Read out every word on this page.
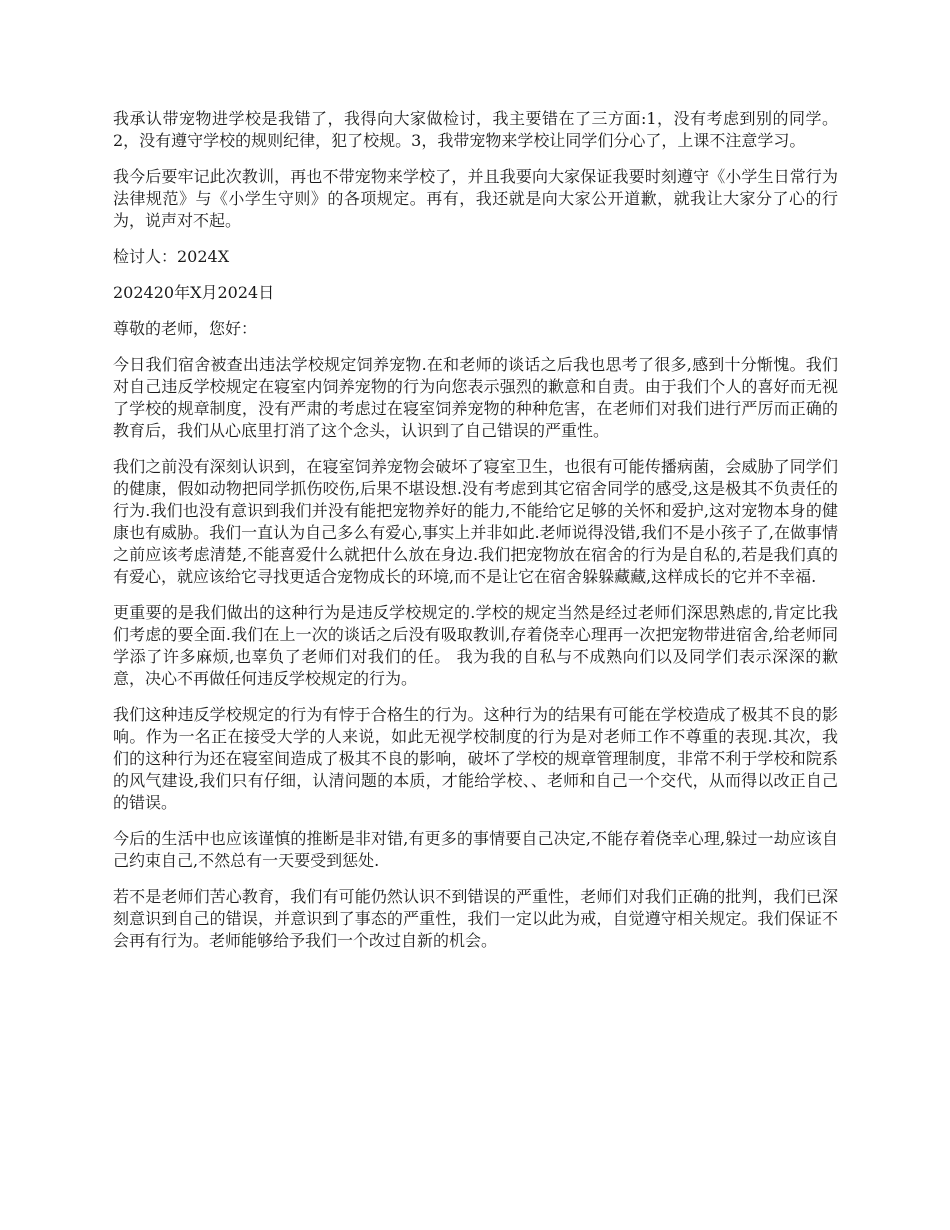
我承认带宠物进学校是我错了，我得向大家做检讨，我主要错在了三方面:1，没有考虑到别的同学。2，没有遵守学校的规则纪律，犯了校规。3，我带宠物来学校让同学们分心了，上课不注意学习。

我今后要牢记此次教训，再也不带宠物来学校了，并且我要向大家保证我要时刻遵守《小学生日常行为法律规范》与《小学生守则》的各项规定。再有，我还就是向大家公开道歉，就我让大家分了心的行为，说声对不起。

检讨人：2024X

202420年X月2024日

尊敬的老师，您好：

今日我们宿舍被查出违法学校规定饲养宠物.在和老师的谈话之后我也思考了很多,感到十分惭愧。我们对自己违反学校规定在寝室内饲养宠物的行为向您表示强烈的歉意和自责。由于我们个人的喜好而无视了学校的规章制度，没有严肃的考虑过在寝室饲养宠物的种种危害，在老师们对我们进行严厉而正确的教育后，我们从心底里打消了这个念头，认识到了自己错误的严重性。

我们之前没有深刻认识到，在寝室饲养宠物会破坏了寝室卫生，也很有可能传播病菌，会威胁了同学们的健康，假如动物把同学抓伤咬伤,后果不堪设想.没有考虑到其它宿舍同学的感受,这是极其不负责任的行为.我们也没有意识到我们并没有能把宠物养好的能力,不能给它足够的关怀和爱护,这对宠物本身的健康也有威胁。我们一直认为自己多么有爱心,事实上并非如此.老师说得没错,我们不是小孩子了,在做事情之前应该考虑清楚,不能喜爱什么就把什么放在身边.我们把宠物放在宿舍的行为是自私的,若是我们真的有爱心，就应该给它寻找更适合宠物成长的环境,而不是让它在宿舍躲躲藏藏,这样成长的它并不幸福.

更重要的是我们做出的这种行为是违反学校规定的.学校的规定当然是经过老师们深思熟虑的,肯定比我们考虑的要全面.我们在上一次的谈话之后没有吸取教训,存着侥幸心理再一次把宠物带进宿舍,给老师同学添了许多麻烦,也辜负了老师们对我们的任。 我为我的自私与不成熟向们以及同学们表示深深的歉意，决心不再做任何违反学校规定的行为。

我们这种违反学校规定的行为有悖于合格生的行为。这种行为的结果有可能在学校造成了极其不良的影响。作为一名正在接受大学的人来说，如此无视学校制度的行为是对老师工作不尊重的表现.其次，我们的这种行为还在寝室间造成了极其不良的影响，破坏了学校的规章管理制度，非常不利于学校和院系的风气建设,我们只有仔细，认清问题的本质，才能给学校、、老师和自己一个交代，从而得以改正自己的错误。

今后的生活中也应该谨慎的推断是非对错,有更多的事情要自己决定,不能存着侥幸心理,躲过一劫应该自己约束自己,不然总有一天要受到惩处.

若不是老师们苦心教育，我们有可能仍然认识不到错误的严重性，老师们对我们正确的批判，我们已深刻意识到自己的错误，并意识到了事态的严重性，我们一定以此为戒，自觉遵守相关规定。我们保证不会再有行为。老师能够给予我们一个改过自新的机会。
